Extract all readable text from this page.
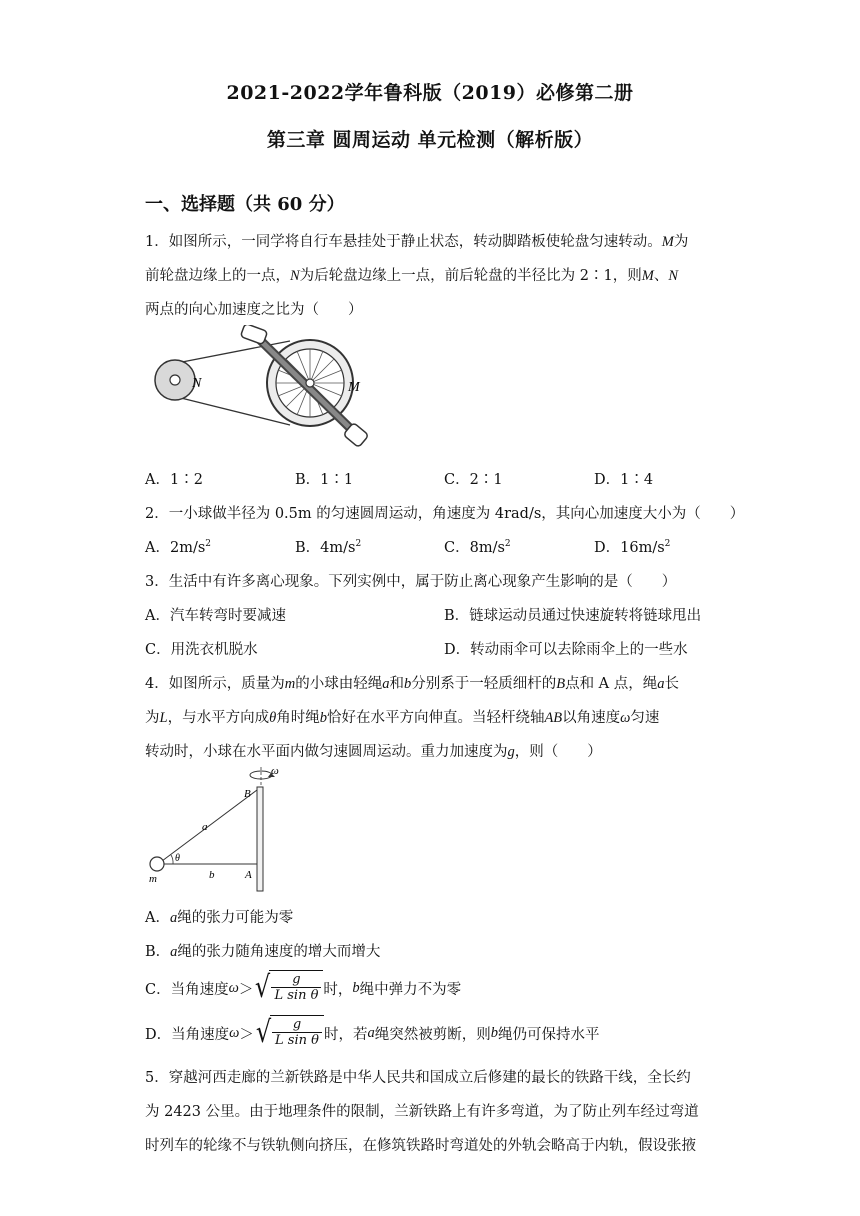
2021-2022学年鲁科版（2019）必修第二册
第三章 圆周运动 单元检测（解析版）
一、选择题（共 60 分）
1．如图所示，一同学将自行车悬挂处于静止状态，转动脚踏板使轮盘匀速转动。M为
前轮盘边缘上的一点，N为后轮盘边缘上一点，前后轮盘的半径比为 2∶1，则M、N
两点的向心加速度之比为（　　）
N	M
A．1∶2	B．1∶1	C．2∶1	D．1∶4
2．一小球做半径为 0.5m 的匀速圆周运动，角速度为 4rad/s，其向心加速度大小为（　　）
A．$2m/s^2$	B．$4m/s^2$	C．$8m/s^2$	D．$16m/s^2$
3．生活中有许多离心现象。下列实例中，属于防止离心现象产生影响的是（　　）
A．汽车转弯时要减速	B．链球运动员通过快速旋转将链球甩出
C．用洗衣机脱水	D．转动雨伞可以去除雨伞上的一些水
4．如图所示，质量为m的小球由轻绳a和b分别系于一轻质细杆的B点和 A 点，绳a长
为L，与水平方向成θ角时绳b恰好在水平方向伸直。当轻杆绕轴AB以角速度ω匀速
转动时，小球在水平面内做匀速圆周运动。重力加速度为g，则（　　）
ω
B
a
θ
m	b	A
A．a绳的张力可能为零
B．a绳的张力随角速度的增大而增大
C．当角速度 ω ＞ √ $\frac{g}{\text{L sin θ}}$ 时， b 绳中弹力不为零
D．当角速度 ω ＞ √ $\frac{g}{\text{L sin θ}}$ 时，若 a 绳突然被剪断，则 b 绳仍可保持水平
5．穿越河西走廊的兰新铁路是中华人民共和国成立后修建的最长的铁路干线，全长约
为 2423 公里。由于地理条件的限制，兰新铁路上有许多弯道，为了防止列车经过弯道
时列车的轮缘不与铁轨侧向挤压，在修筑铁路时弯道处的外轨会略高于内轨，假设张掖
